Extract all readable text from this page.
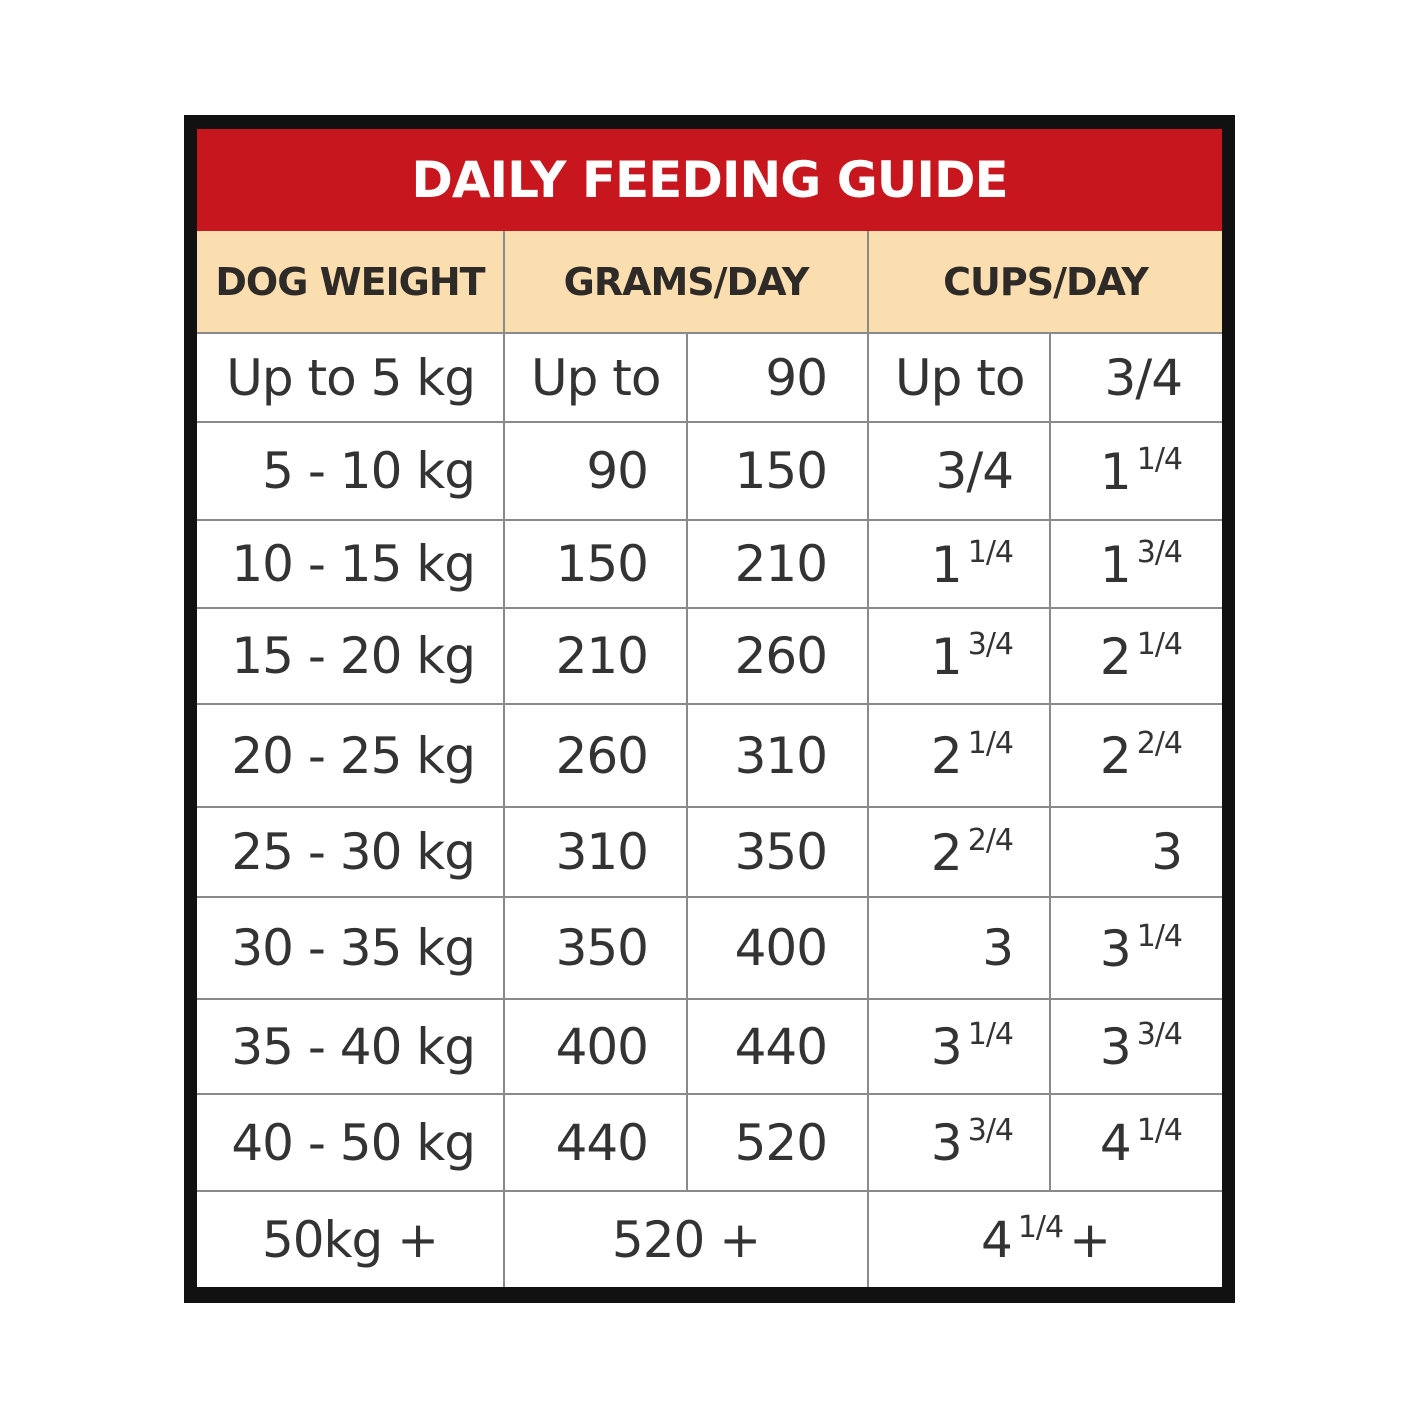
DAILY FEEDING GUIDE
DOG WEIGHT	GRAMS/DAY		CUPS/DAY	
Up to 5 kg	Up to	90	Up to	3/4
5 - 10 kg	90	150	3/4	1 $^{1/4}$
10 - 15 kg	150	210	1 $^{1/4}$	1 $^{3/4}$
15 - 20 kg	210	260	1 $^{3/4}$	2 $^{1/4}$
20 - 25 kg	260	310	2 $^{1/4}$	2 $^{2/4}$
25 - 30 kg	310	350	2 $^{2/4}$	3
30 - 35 kg	350	400	3	3 $^{1/4}$
35 - 40 kg	400	440	3 $^{1/4}$	3 $^{3/4}$
40 - 50 kg	440	520	3 $^{3/4}$	4 $^{1/4}$
50kg +	520 +		4 $^{1/4}$ +	
